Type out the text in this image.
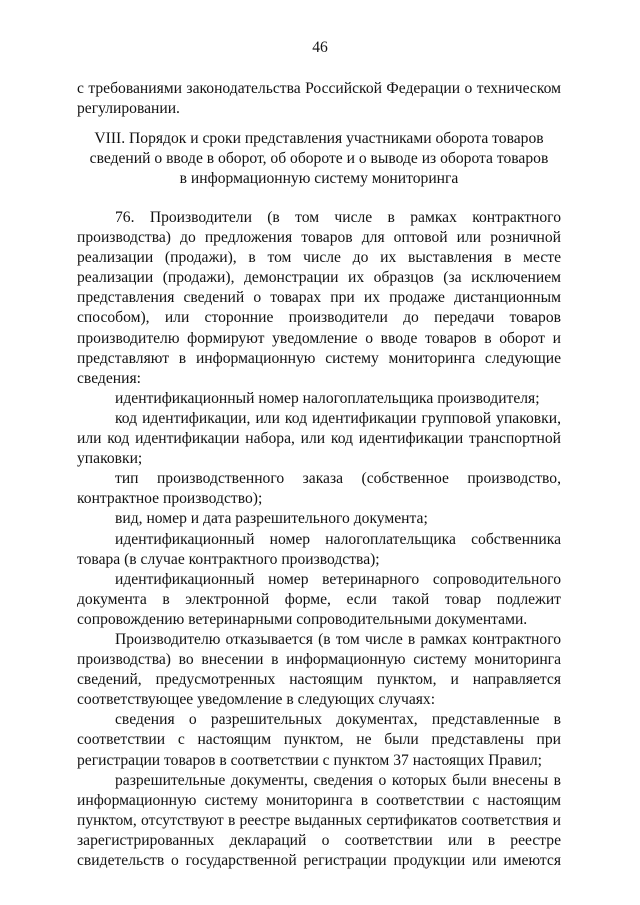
46

с требованиями законодательства Российской Федерации о техническом регулировании.

VIII. Порядок и сроки представления участниками оборота товаров
сведений о вводе в оборот, об обороте и о выводе из оборота товаров
в информационную систему мониторинга

76. Производители (в том числе в рамках контрактного производства) до предложения товаров для оптовой или розничной реализации (продажи), в том числе до их выставления в месте реализации (продажи), демонстрации их образцов (за исключением представления сведений о товарах при их продаже дистанционным способом), или сторонние производители до передачи товаров производителю формируют уведомление о вводе товаров в оборот и представляют в информационную систему мониторинга следующие сведения:

идентификационный номер налогоплательщика производителя;

код идентификации, или код идентификации групповой упаковки, или код идентификации набора, или код идентификации транспортной упаковки;

тип производственного заказа (собственное производство, контрактное производство);

вид, номер и дата разрешительного документа;

идентификационный номер налогоплательщика собственника товара (в случае контрактного производства);

идентификационный номер ветеринарного сопроводительного документа в электронной форме, если такой товар подлежит сопровождению ветеринарными сопроводительными документами.

Производителю отказывается (в том числе в рамках контрактного производства) во внесении в информационную систему мониторинга сведений, предусмотренных настоящим пунктом, и направляется соответствующее уведомление в следующих случаях:

сведения о разрешительных документах, представленные в соответствии с настоящим пунктом, не были представлены при регистрации товаров в соответствии с пунктом 37 настоящих Правил;

разрешительные документы, сведения о которых были внесены в информационную систему мониторинга в соответствии с настоящим пунктом, отсутствуют в реестре выданных сертификатов соответствия и зарегистрированных деклараций о соответствии или в реестре свидетельств о государственной регистрации продукции или имеются
